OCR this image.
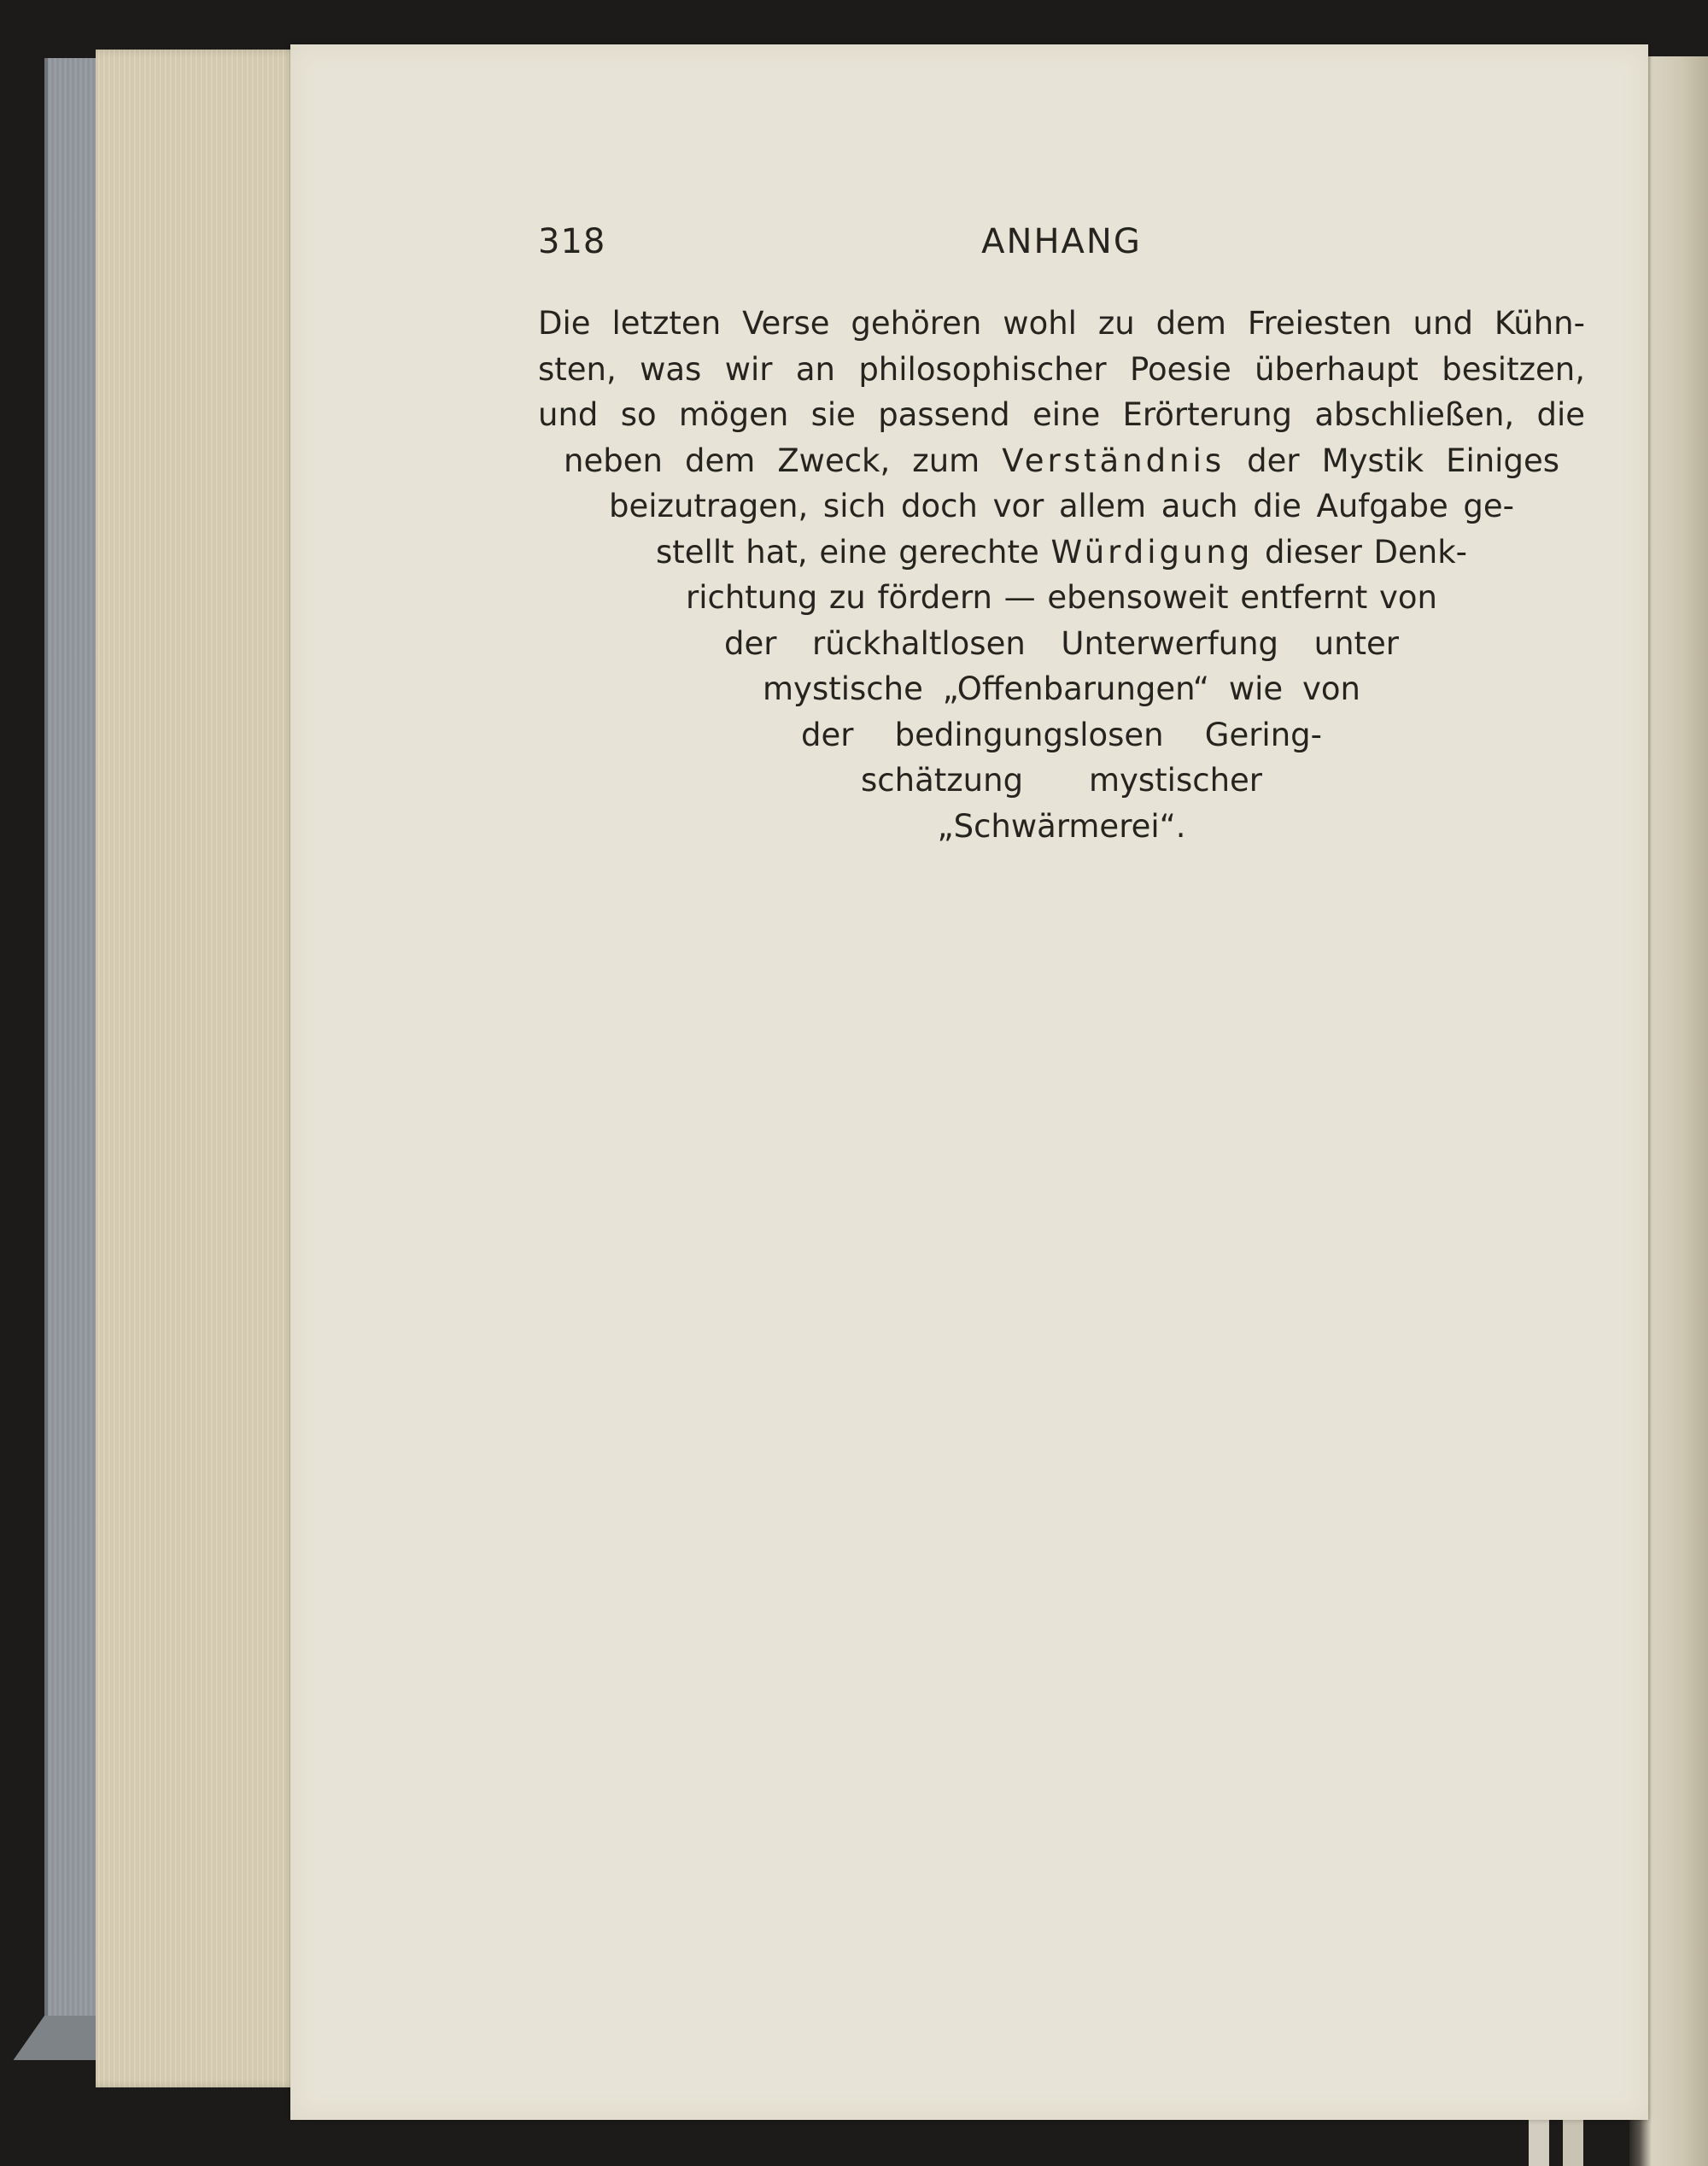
318	ANHANG
Die letzten Verse gehören wohl zu dem Freiesten und Kühn-
sten, was wir an philosophischer Poesie überhaupt besitzen,
und so mögen sie passend eine Erörterung abschließen, die
neben dem Zweck, zum Verständnis der Mystik Einiges
beizutragen, sich doch vor allem auch die Aufgabe ge-
stellt hat, eine gerechte Würdigung dieser Denk-
richtung zu fördern — ebensoweit entfernt von
der rückhaltlosen Unterwerfung unter
mystische „Offenbarungen“ wie von
der bedingungslosen Gering-
schätzung mystischer
„Schwärmerei“.
